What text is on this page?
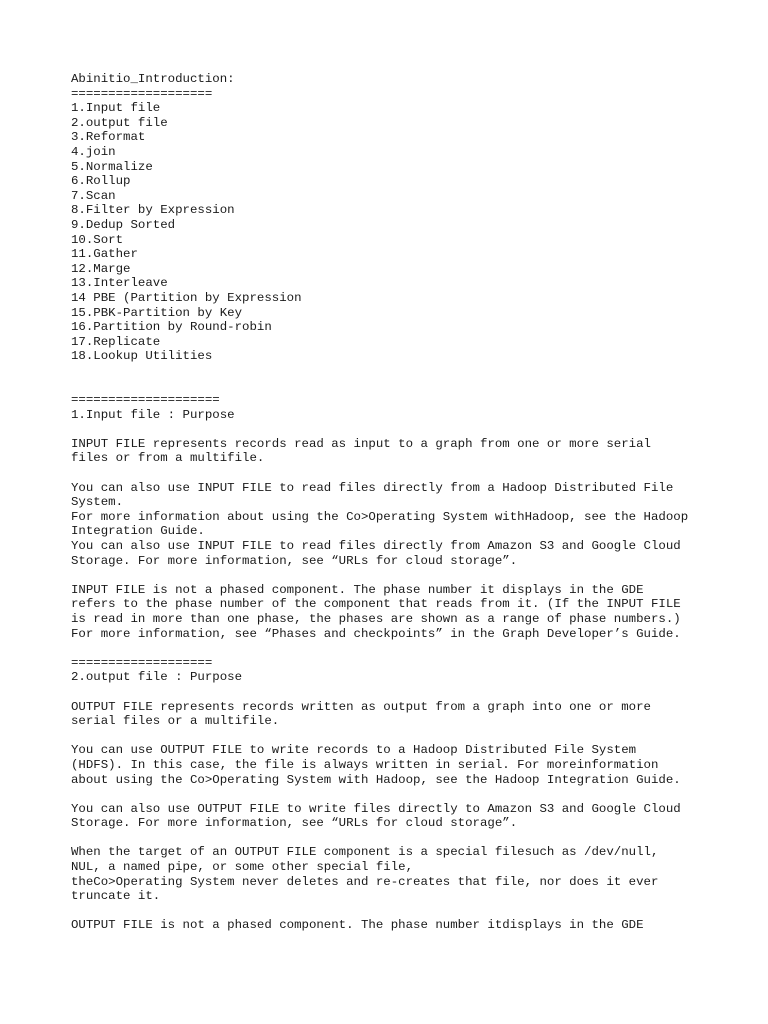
Abinitio_Introduction:
===================
1.Input file
2.output file
3.Reformat
4.join
5.Normalize
6.Rollup
7.Scan
8.Filter by Expression
9.Dedup Sorted
10.Sort
11.Gather
12.Marge
13.Interleave
14 PBE (Partition by Expression
15.PBK-Partition by Key
16.Partition by Round-robin
17.Replicate
18.Lookup Utilities
====================
1.Input file : Purpose
INPUT FILE represents records read as input to a graph from one or more serial
files or from a multifile.
You can also use INPUT FILE to read files directly from a Hadoop Distributed File
System.
For more information about using the Co>Operating System withHadoop, see the Hadoop
Integration Guide.
You can also use INPUT FILE to read files directly from Amazon S3 and Google Cloud
Storage. For more information, see “URLs for cloud storage”.
INPUT FILE is not a phased component. The phase number it displays in the GDE
refers to the phase number of the component that reads from it. (If the INPUT FILE
is read in more than one phase, the phases are shown as a range of phase numbers.)
For more information, see “Phases and checkpoints” in the Graph Developer’s Guide.
===================
2.output file : Purpose
OUTPUT FILE represents records written as output from a graph into one or more
serial files or a multifile.
You can use OUTPUT FILE to write records to a Hadoop Distributed File System
(HDFS). In this case, the file is always written in serial. For moreinformation
about using the Co>Operating System with Hadoop, see the Hadoop Integration Guide.
You can also use OUTPUT FILE to write files directly to Amazon S3 and Google Cloud
Storage. For more information, see “URLs for cloud storage”.
When the target of an OUTPUT FILE component is a special filesuch as /dev/null,
NUL, a named pipe, or some other special file,
theCo>Operating System never deletes and re-creates that file, nor does it ever
truncate it.
OUTPUT FILE is not a phased component. The phase number itdisplays in the GDE
